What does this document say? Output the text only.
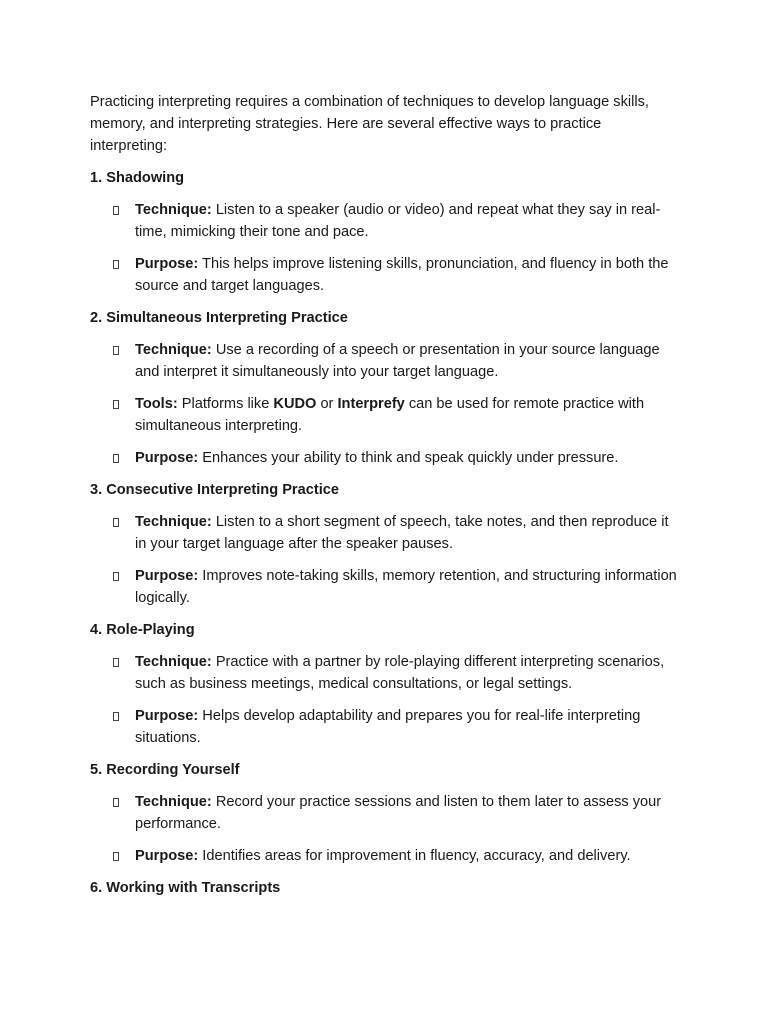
Practicing interpreting requires a combination of techniques to develop language skills, memory, and interpreting strategies. Here are several effective ways to practice interpreting:

1. Shadowing

Technique: Listen to a speaker (audio or video) and repeat what they say in real-time, mimicking their tone and pace.
Purpose: This helps improve listening skills, pronunciation, and fluency in both the source and target languages.

2. Simultaneous Interpreting Practice

Technique: Use a recording of a speech or presentation in your source language and interpret it simultaneously into your target language.
Tools: Platforms like KUDO or Interprefy can be used for remote practice with simultaneous interpreting.
Purpose: Enhances your ability to think and speak quickly under pressure.

3. Consecutive Interpreting Practice

Technique: Listen to a short segment of speech, take notes, and then reproduce it in your target language after the speaker pauses.
Purpose: Improves note-taking skills, memory retention, and structuring information logically.

4. Role-Playing

Technique: Practice with a partner by role-playing different interpreting scenarios, such as business meetings, medical consultations, or legal settings.
Purpose: Helps develop adaptability and prepares you for real-life interpreting situations.

5. Recording Yourself

Technique: Record your practice sessions and listen to them later to assess your performance.
Purpose: Identifies areas for improvement in fluency, accuracy, and delivery.

6. Working with Transcripts
